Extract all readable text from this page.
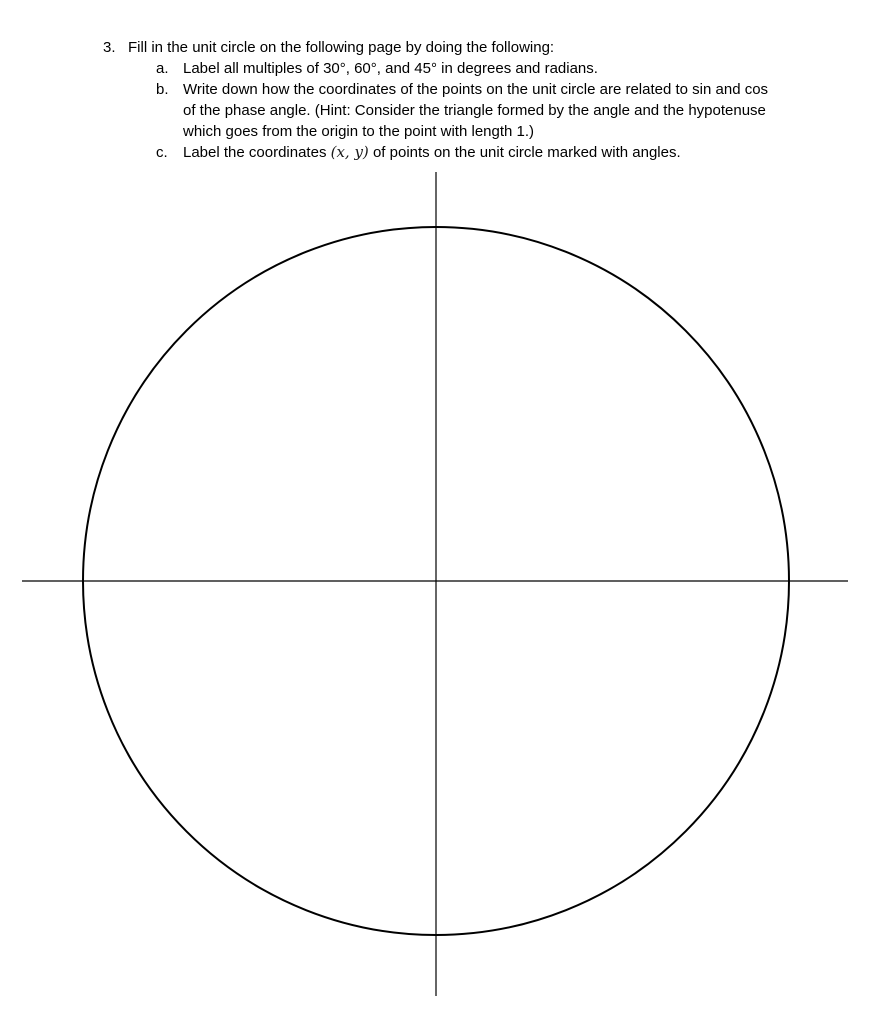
3. Fill in the unit circle on the following page by doing the following:
a. Label all multiples of 30°, 60°, and 45° in degrees and radians.
b. Write down how the coordinates of the points on the unit circle are related to sin and cos of the phase angle. (Hint: Consider the triangle formed by the angle and the hypotenuse which goes from the origin to the point with length 1.)
c.	Label the coordinates (x, y) of points on the unit circle marked with angles.
